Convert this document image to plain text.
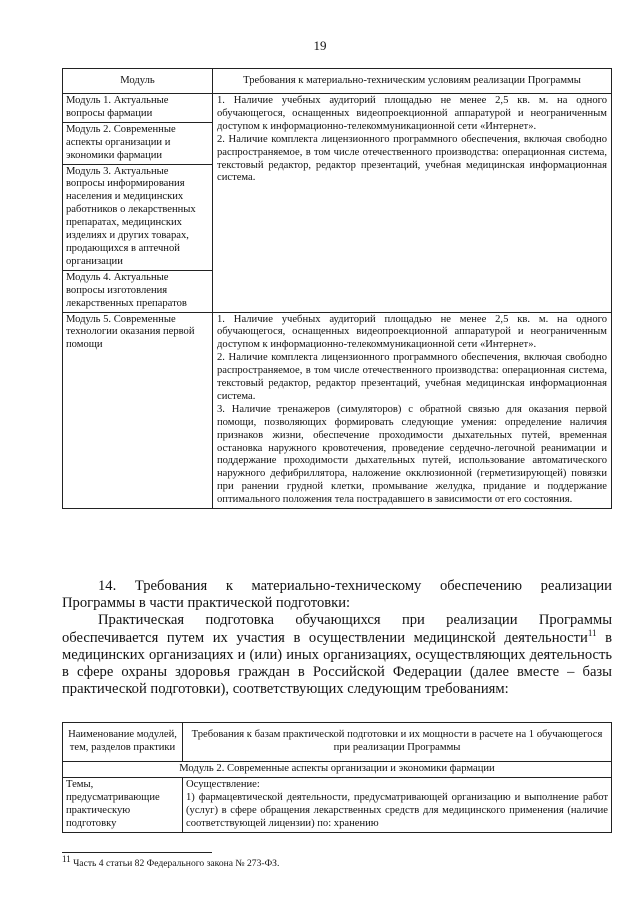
19
Модуль	Требования к материально-техническим условиям реализации Программы
Модуль 1. Актуальные вопросы фармации	1. Наличие учебных аудиторий площадью не менее 2,5 кв. м. на одного обучающегося, оснащенных видеопроекционной аппаратурой и неограниченным доступом к информационно-телекоммуникационной сети «Интернет».

2. Наличие комплекта лицензионного программного обеспечения, включая свободно распространяемое, в том числе отечественного производства: операционная система, текстовый редактор, редактор презентаций, учебная медицинская информационная система.

Модуль 2. Современные аспекты организации и экономики фармации	
Модуль 3. Актуальные вопросы информирования населения и медицинских работников о лекарственных препаратах, медицинских изделиях и других товарах, продающихся в аптечной организации	
Модуль 4. Актуальные вопросы изготовления лекарственных препаратов	
Модуль 5. Современные технологии оказания первой помощи	1. Наличие учебных аудиторий площадью не менее 2,5 кв. м. на одного обучающегося, оснащенных видеопроекционной аппаратурой и неограниченным доступом к информационно-телекоммуникационной сети «Интернет».

2. Наличие комплекта лицензионного программного обеспечения, включая свободно распространяемое, в том числе отечественного производства: операционная система, текстовый редактор, редактор презентаций, учебная медицинская информационная система.

3. Наличие тренажеров (симуляторов) с обратной связью для оказания первой помощи, позволяющих формировать следующие умения: определение наличия признаков жизни, обеспечение проходимости дыхательных путей, временная остановка наружного кровотечения, проведение сердечно-легочной реанимации и поддержание проходимости дыхательных путей, использование автоматического наружного дефибриллятора, наложение окклюзионной (герметизирующей) повязки при ранении грудной клетки, промывание желудка, придание и поддержание оптимального положения тела пострадавшего в зависимости от его состояния.

14. Требования к материально-техническому обеспечению реализации Программы в части практической подготовки:

Практическая подготовка обучающихся при реализации Программы обеспечивается путем их участия в осуществлении медицинской деятельности$^{11}$ в медицинских организациях и (или) иных организациях, осуществляющих деятельность в сфере охраны здоровья граждан в Российской Федерации (далее вместе – базы практической подготовки), соответствующих следующим требованиям:

Наименование модулей, тем, разделов практики	Требования к базам практической подготовки и их мощности в расчете на 1 обучающегося при реализации Программы
Модуль 2. Современные аспекты организации и экономики фармации	
Темы, предусматривающие практическую подготовку	Осуществление:
1) фармацевтической деятельности, предусматривающей организацию и выполнение работ (услуг) в сфере обращения лекарственных средств для медицинского применения (наличие соответствующей лицензии) по: хранению
$^{11}$ Часть 4 статьи 82 Федерального закона № 273-ФЗ.
